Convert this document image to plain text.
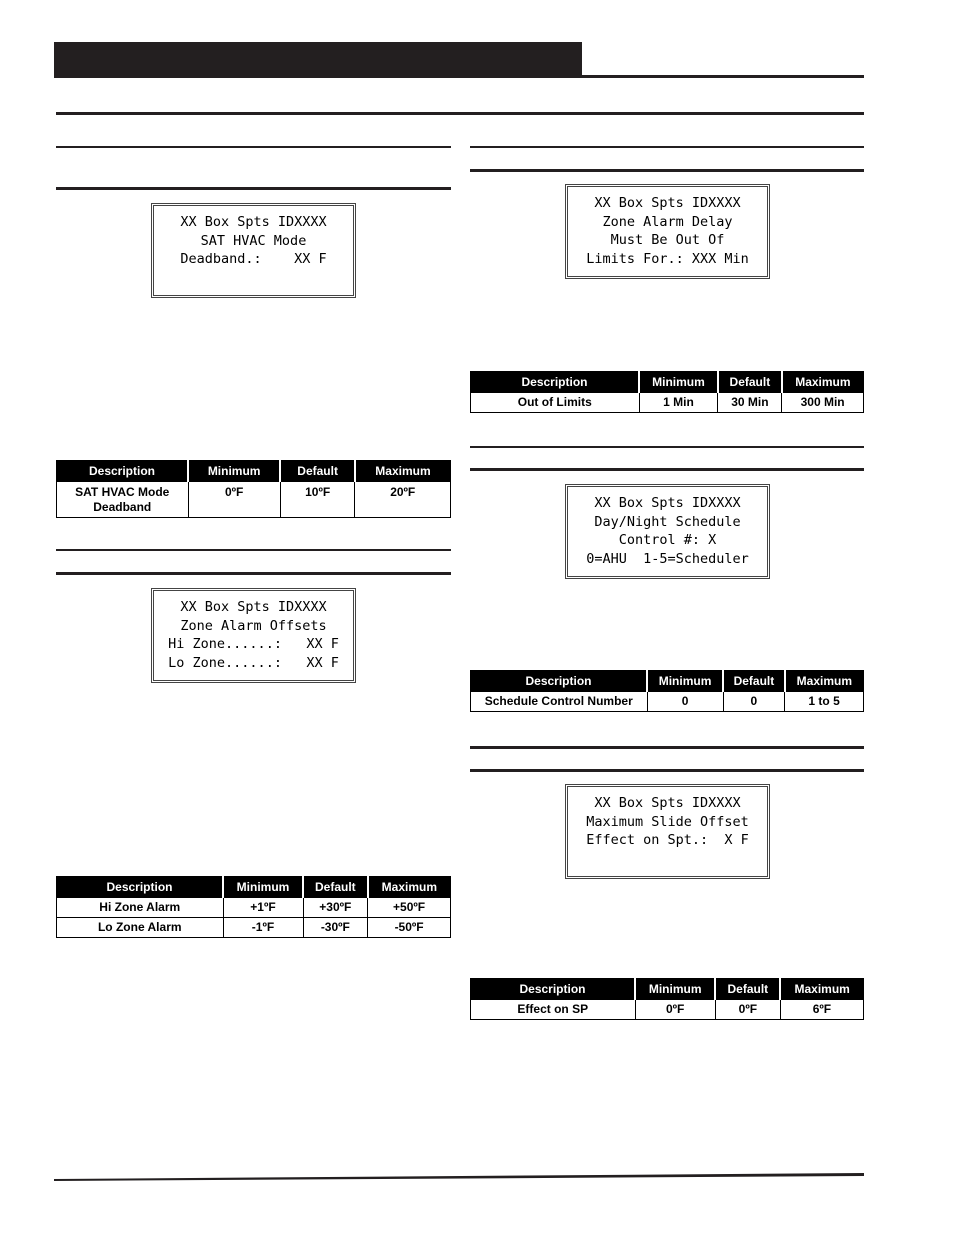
XX Box Spts IDXXXX
SAT HVAC Mode
Deadband.:    XX F
Description	Minimum	Default	Maximum
SAT HVAC Mode Deadband	0ºF	10ºF	20ºF
XX Box Spts IDXXXX
Zone Alarm Offsets
Hi Zone......:   XX F
Lo Zone......:   XX F
Description	Minimum	Default	Maximum
Hi Zone Alarm	+1ºF	+30ºF	+50ºF
Lo Zone Alarm	-1ºF	-30ºF	-50ºF
XX Box Spts IDXXXX
Zone Alarm Delay
Must Be Out Of
Limits For.: XXX Min
Description	Minimum	Default	Maximum
Out of Limits	1 Min	30 Min	300 Min
XX Box Spts IDXXXX
Day/Night Schedule
Control #: X
0=AHU  1-5=Scheduler
Description	Minimum	Default	Maximum
Schedule Control Number	0	0	1 to 5
XX Box Spts IDXXXX
Maximum Slide Offset
Effect on Spt.:  X F
Description	Minimum	Default	Maximum
Effect on SP	0ºF	0ºF	6ºF
